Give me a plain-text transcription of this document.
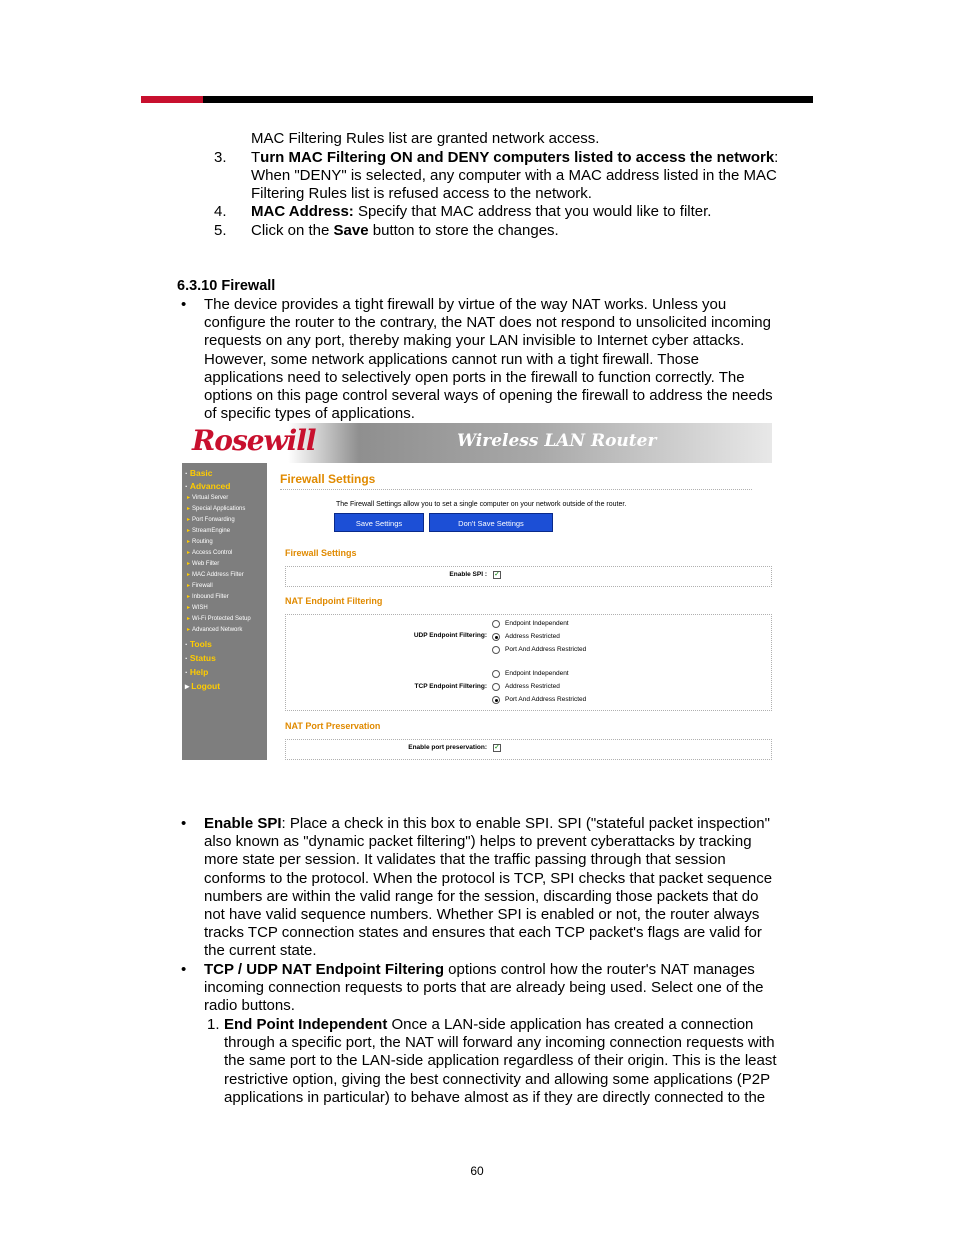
MAC Filtering Rules list are granted network access.
3. Turn MAC Filtering ON and DENY computers listed to access the network:
When "DENY" is selected, any computer with a MAC address listed in the MAC
Filtering Rules list is refused access to the network.
4. MAC Address: Specify that MAC address that you would like to filter.
5. Click on the Save button to store the changes.
6.3.10 Firewall
• The device provides a tight firewall by virtue of the way NAT works. Unless you
configure the router to the contrary, the NAT does not respond to unsolicited incoming
requests on any port, thereby making your LAN invisible to Internet cyber attacks.
However, some network applications cannot run with a tight firewall. Those
applications need to selectively open ports in the firewall to function correctly. The
options on this page control several ways of opening the firewall to address the needs
of specific types of applications.
Rosewill	Wireless LAN Router
· Basic
· Advanced
▸ Virtual Server
▸ Special Applications
▸ Port Forwarding
▸ StreamEngine
▸ Routing
▸ Access Control
▸ Web Filter
▸ MAC Address Filter
▸ Firewall
▸ Inbound Filter
▸ WISH
▸ Wi-Fi Protected Setup
▸ Advanced Network
· Tools
· Status
· Help
▸ Logout
Firewall Settings
The Firewall Settings allow you to set a single computer on your network outside of the router.
Save Settings	Don't Save Settings
Firewall Settings
Enable SPI : ✓
NAT Endpoint Filtering
UDP Endpoint Filtering:
Endpoint Independent
Address Restricted
Port And Address Restricted
TCP Endpoint Filtering:
Endpoint Independent
Address Restricted
Port And Address Restricted
NAT Port Preservation
Enable port preservation: ✓
• Enable SPI: Place a check in this box to enable SPI. SPI ("stateful packet inspection"
also known as "dynamic packet filtering") helps to prevent cyberattacks by tracking
more state per session. It validates that the traffic passing through that session
conforms to the protocol. When the protocol is TCP, SPI checks that packet sequence
numbers are within the valid range for the session, discarding those packets that do
not have valid sequence numbers. Whether SPI is enabled or not, the router always
tracks TCP connection states and ensures that each TCP packet's flags are valid for
the current state.
• TCP / UDP NAT Endpoint Filtering options control how the router's NAT manages
incoming connection requests to ports that are already being used. Select one of the
radio buttons.
1. End Point Independent Once a LAN-side application has created a connection
through a specific port, the NAT will forward any incoming connection requests with
the same port to the LAN-side application regardless of their origin. This is the least
restrictive option, giving the best connectivity and allowing some applications (P2P
applications in particular) to behave almost as if they are directly connected to the
60
